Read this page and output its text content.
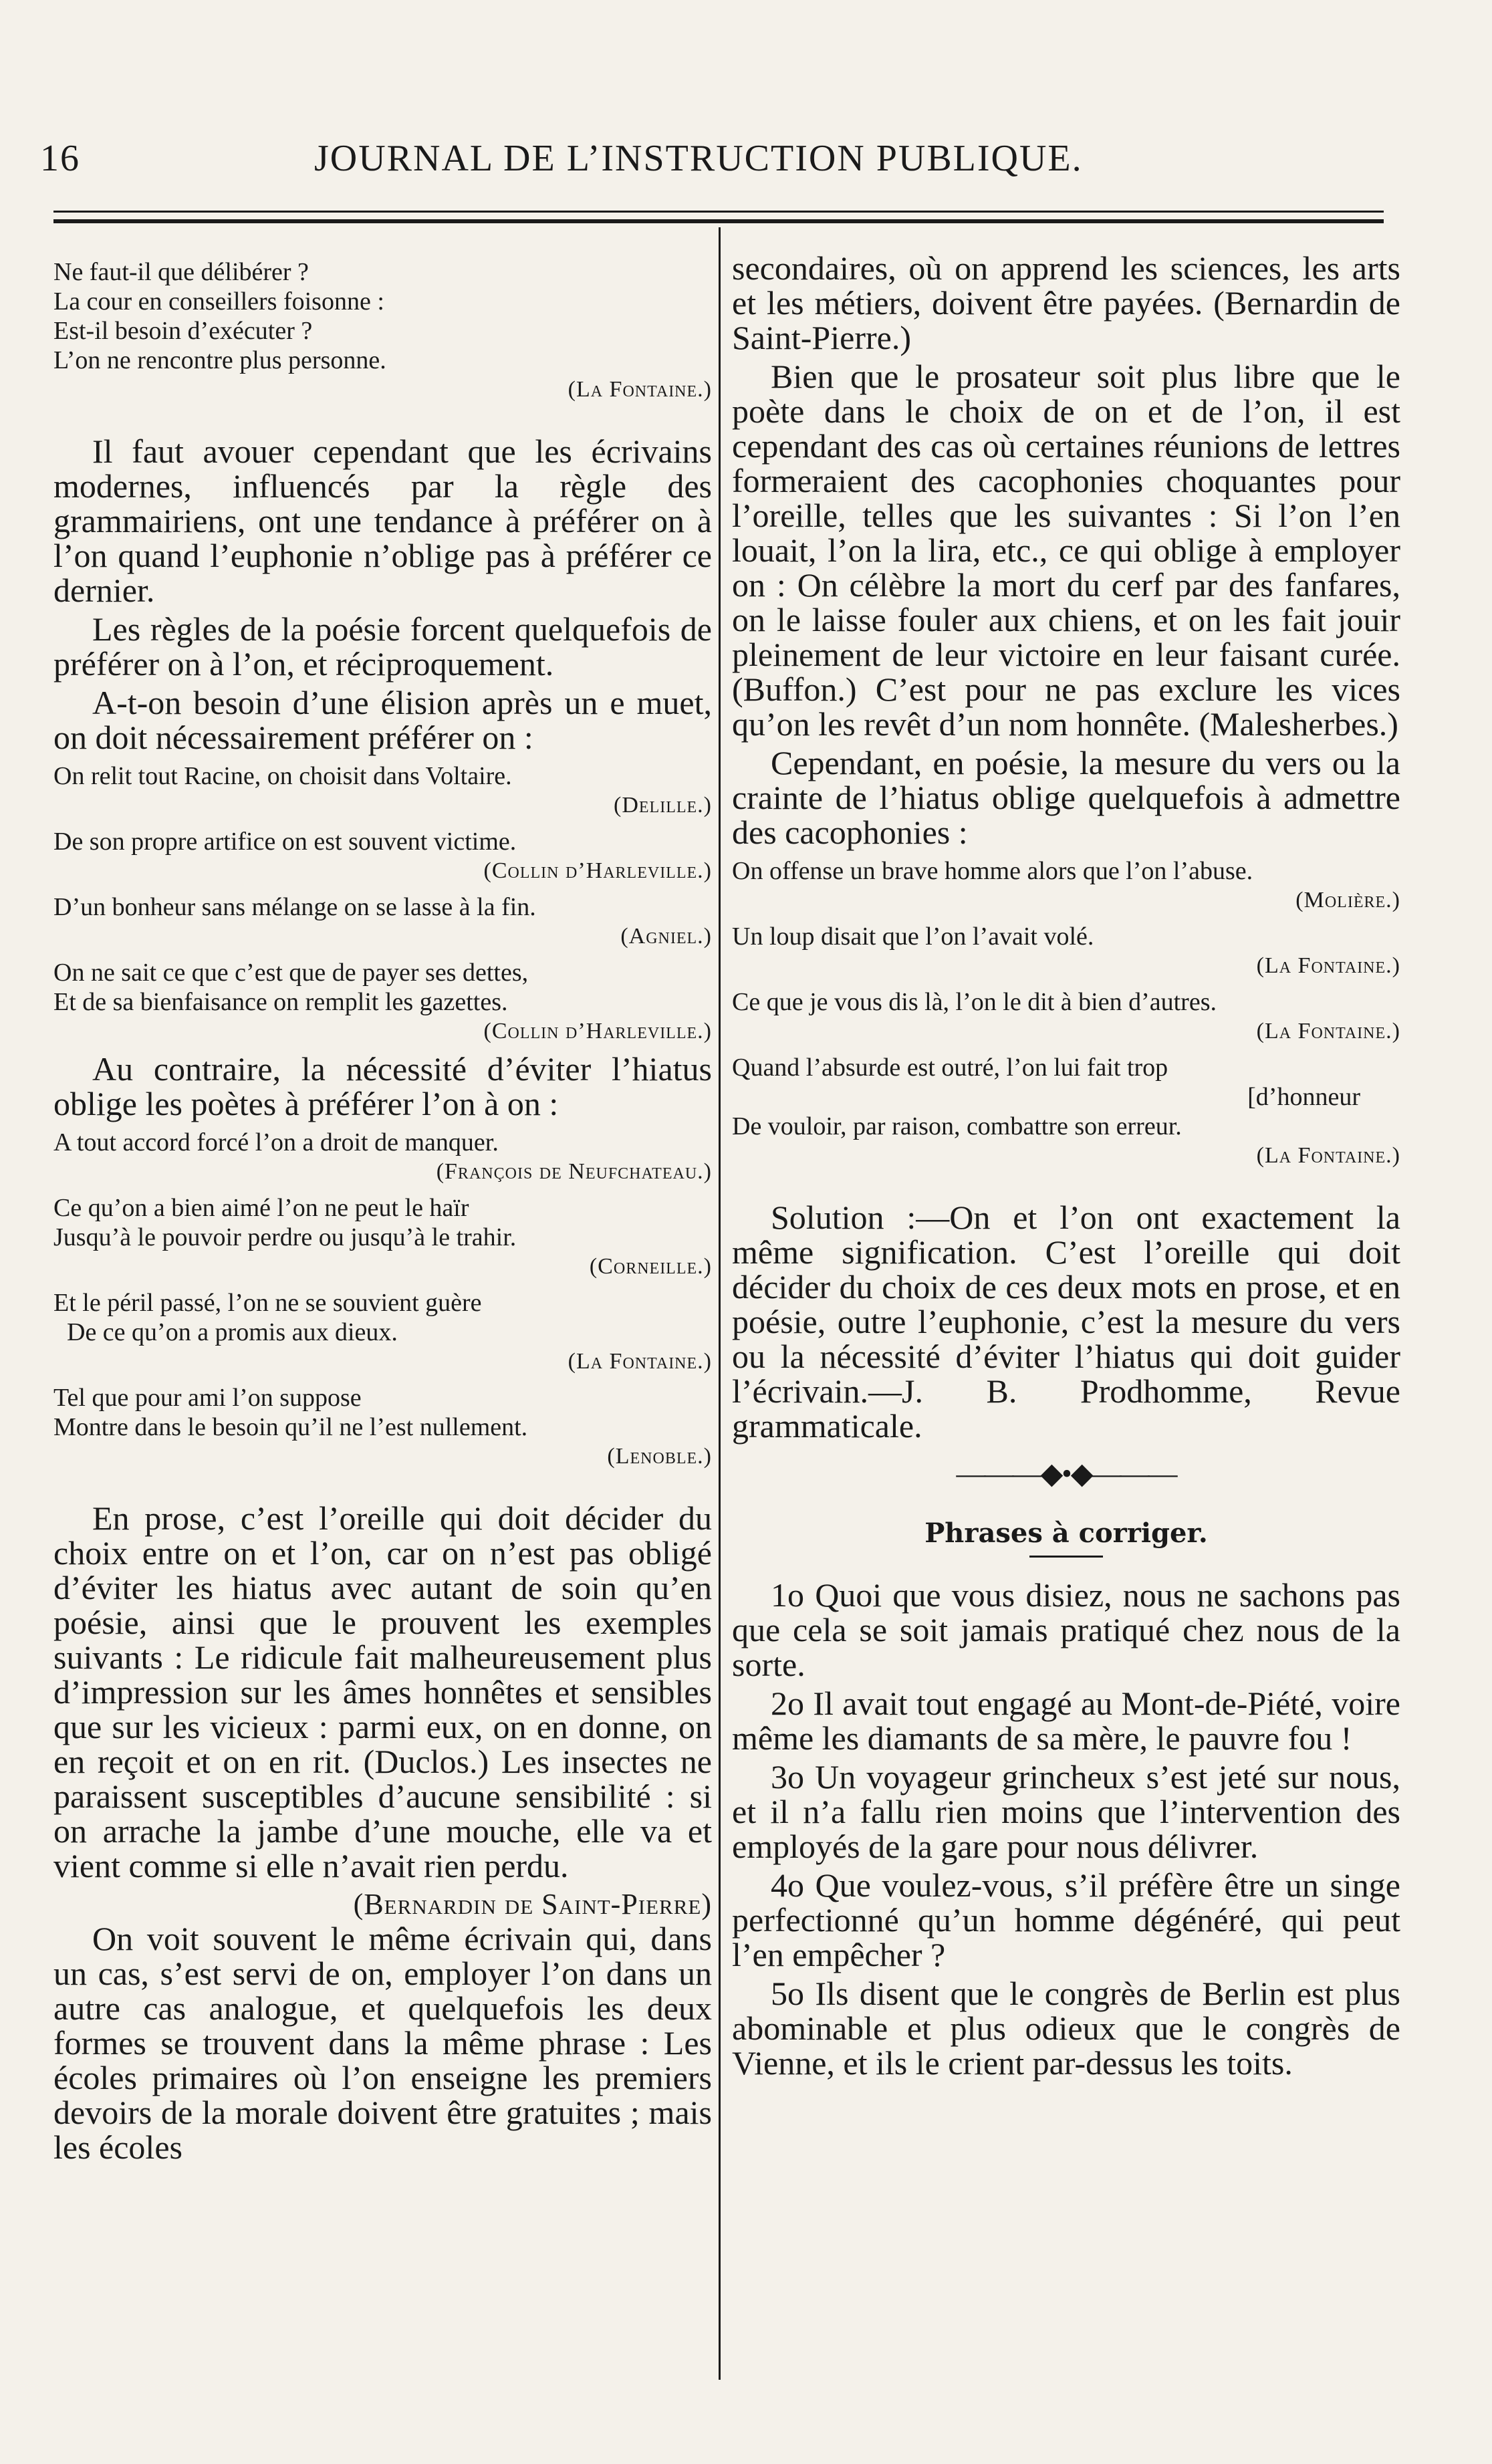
16	JOURNAL DE L’INSTRUCTION PUBLIQUE.
Ne faut-il que délibérer ?
La cour en conseillers foisonne :
Est-il besoin d’exécuter ?
L’on ne rencontre plus personne.
(La Fontaine.)

Il faut avouer cependant que les écrivains modernes, influencés par la règle des grammairiens, ont une tendance à préférer on à l’on quand l’euphonie n’oblige pas à préférer ce dernier.

Les règles de la poésie forcent quelquefois de préférer on à l’on, et réciproquement.

A-t-on besoin d’une élision après un e muet, on doit nécessairement préférer on :

On relit tout Racine, on choisit dans Voltaire.
(Delille.)
De son propre artifice on est souvent victime.
(Collin d’Harleville.)
D’un bonheur sans mélange on se lasse à la fin.
(Agniel.)
On ne sait ce que c’est que de payer ses dettes,
Et de sa bienfaisance on remplit les gazettes.
(Collin d’Harleville.)

Au contraire, la nécessité d’éviter l’hiatus oblige les poètes à préférer l’on à on :

A tout accord forcé l’on a droit de manquer.
(François de Neufchateau.)
Ce qu’on a bien aimé l’on ne peut le haïr
Jusqu’à le pouvoir perdre ou jusqu’à le trahir.
(Corneille.)
Et le péril passé, l’on ne se souvient guère
De ce qu’on a promis aux dieux.
(La Fontaine.)
Tel que pour ami l’on suppose
Montre dans le besoin qu’il ne l’est nullement.
(Lenoble.)

En prose, c’est l’oreille qui doit décider du choix entre on et l’on, car on n’est pas obligé d’éviter les hiatus avec autant de soin qu’en poésie, ainsi que le prouvent les exemples suivants : Le ridicule fait malheureusement plus d’impression sur les âmes honnêtes et sensibles que sur les vicieux : parmi eux, on en donne, on en reçoit et on en rit. (Duclos.) Les insectes ne paraissent susceptibles d’aucune sensibilité : si on arrache la jambe d’une mouche, elle va et vient comme si elle n’avait rien perdu.

(Bernardin de Saint-Pierre)

On voit souvent le même écrivain qui, dans un cas, s’est servi de on, employer l’on dans un autre cas analogue, et quelquefois les deux formes se trouvent dans la même phrase : Les écoles primaires où l’on enseigne les premiers devoirs de la morale doivent être gratuites ; mais les écoles

secondaires, où on apprend les sciences, les arts et les métiers, doivent être payées. (Bernardin de Saint-Pierre.)

Bien que le prosateur soit plus libre que le poète dans le choix de on et de l’on, il est cependant des cas où certaines réunions de lettres formeraient des cacophonies choquantes pour l’oreille, telles que les suivantes : Si l’on l’en louait, l’on la lira, etc., ce qui oblige à employer on : On célèbre la mort du cerf par des fanfares, on le laisse fouler aux chiens, et on les fait jouir pleinement de leur victoire en leur faisant curée. (Buffon.) C’est pour ne pas exclure les vices qu’on les revêt d’un nom honnête. (Malesherbes.)

Cependant, en poésie, la mesure du vers ou la crainte de l’hiatus oblige quelquefois à admettre des cacophonies :

On offense un brave homme alors que l’on l’abuse.
(Molière.)
Un loup disait que l’on l’avait volé.
(La Fontaine.)
Ce que je vous dis là, l’on le dit à bien d’autres.
(La Fontaine.)
Quand l’absurde est outré, l’on lui fait trop
[d’honneur
De vouloir, par raison, combattre son erreur.
(La Fontaine.)

Solution :—On et l’on ont exactement la même signification. C’est l’oreille qui doit décider du choix de ces deux mots en prose, et en poésie, outre l’euphonie, c’est la mesure du vers ou la nécessité d’éviter l’hiatus qui doit guider l’écrivain.—J. B. Prodhomme, Revue grammaticale.

———◆•◆———
Phrases à corriger.

1o Quoi que vous disiez, nous ne sachons pas que cela se soit jamais pratiqué chez nous de la sorte.

2o Il avait tout engagé au Mont-de-Piété, voire même les diamants de sa mère, le pauvre fou !

3o Un voyageur grincheux s’est jeté sur nous, et il n’a fallu rien moins que l’intervention des employés de la gare pour nous délivrer.

4o Que voulez-vous, s’il préfère être un singe perfectionné qu’un homme dégénéré, qui peut l’en empêcher ?

5o Ils disent que le congrès de Berlin est plus abominable et plus odieux que le congrès de Vienne, et ils le crient par-dessus les toits.
